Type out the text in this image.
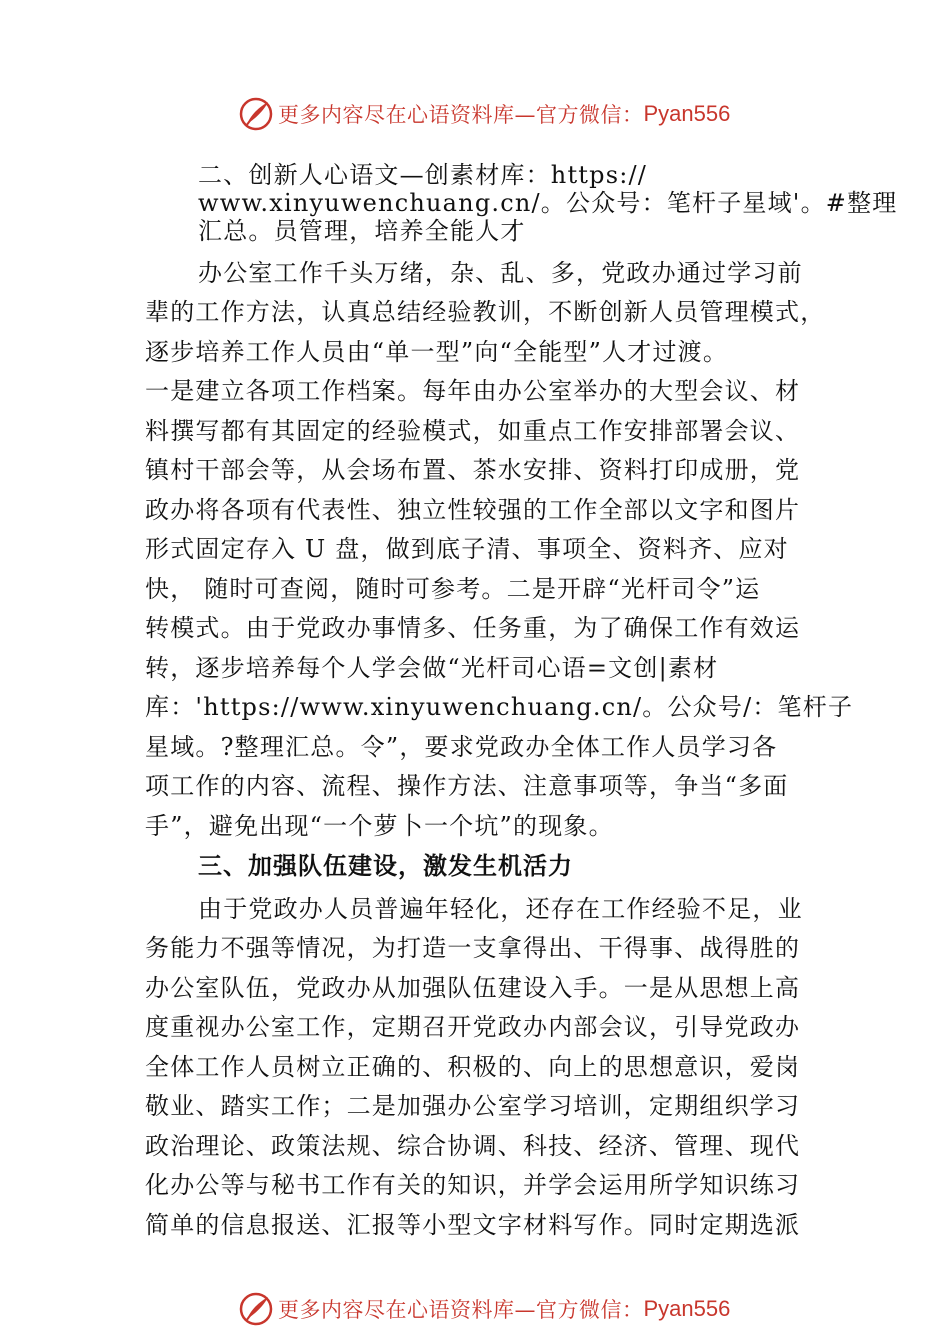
更多内容尽在心语资料库—官方微信： Pyan556
二、创新人心语文—创素材库：https://
www.xinyuwenchuang.cn/。公众号：笔杆子星域'。#整理
汇总。员管理，培养全能人才
办公室工作千头万绪，杂、乱、多，党政办通过学习前
辈的工作方法，认真总结经验教训，不断创新人员管理模式，
逐步培养工作人员由“单一型”向“全能型”人才过渡。
一是建立各项工作档案。每年由办公室举办的大型会议、材
料撰写都有其固定的经验模式，如重点工作安排部署会议、
镇村干部会等，从会场布置、茶水安排、资料打印成册，党
政办将各项有代表性、独立性较强的工作全部以文字和图片
形式固定存入 U 盘，做到底子清、事项全、资料齐、应对
快， 随时可查阅，随时可参考。二是开辟“光杆司令”运
转模式。由于党政办事情多、任务重，为了确保工作有效运
转，逐步培养每个人学会做“光杆司心语=文创|素材
库：'https://www.xinyuwenchuang.cn/。公众号/：笔杆子
星域。?整理汇总。令”，要求党政办全体工作人员学习各
项工作的内容、流程、操作方法、注意事项等，争当“多面
手”，避免出现“一个萝卜一个坑”的现象。
三、加强队伍建设，激发生机活力
由于党政办人员普遍年轻化，还存在工作经验不足，业
务能力不强等情况，为打造一支拿得出、干得事、战得胜的
办公室队伍，党政办从加强队伍建设入手。一是从思想上高
度重视办公室工作，定期召开党政办内部会议，引导党政办
全体工作人员树立正确的、积极的、向上的思想意识，爱岗
敬业、踏实工作；二是加强办公室学习培训，定期组织学习
政治理论、政策法规、综合协调、科技、经济、管理、现代
化办公等与秘书工作有关的知识，并学会运用所学知识练习
简单的信息报送、汇报等小型文字材料写作。同时定期选派
更多内容尽在心语资料库—官方微信： Pyan556
